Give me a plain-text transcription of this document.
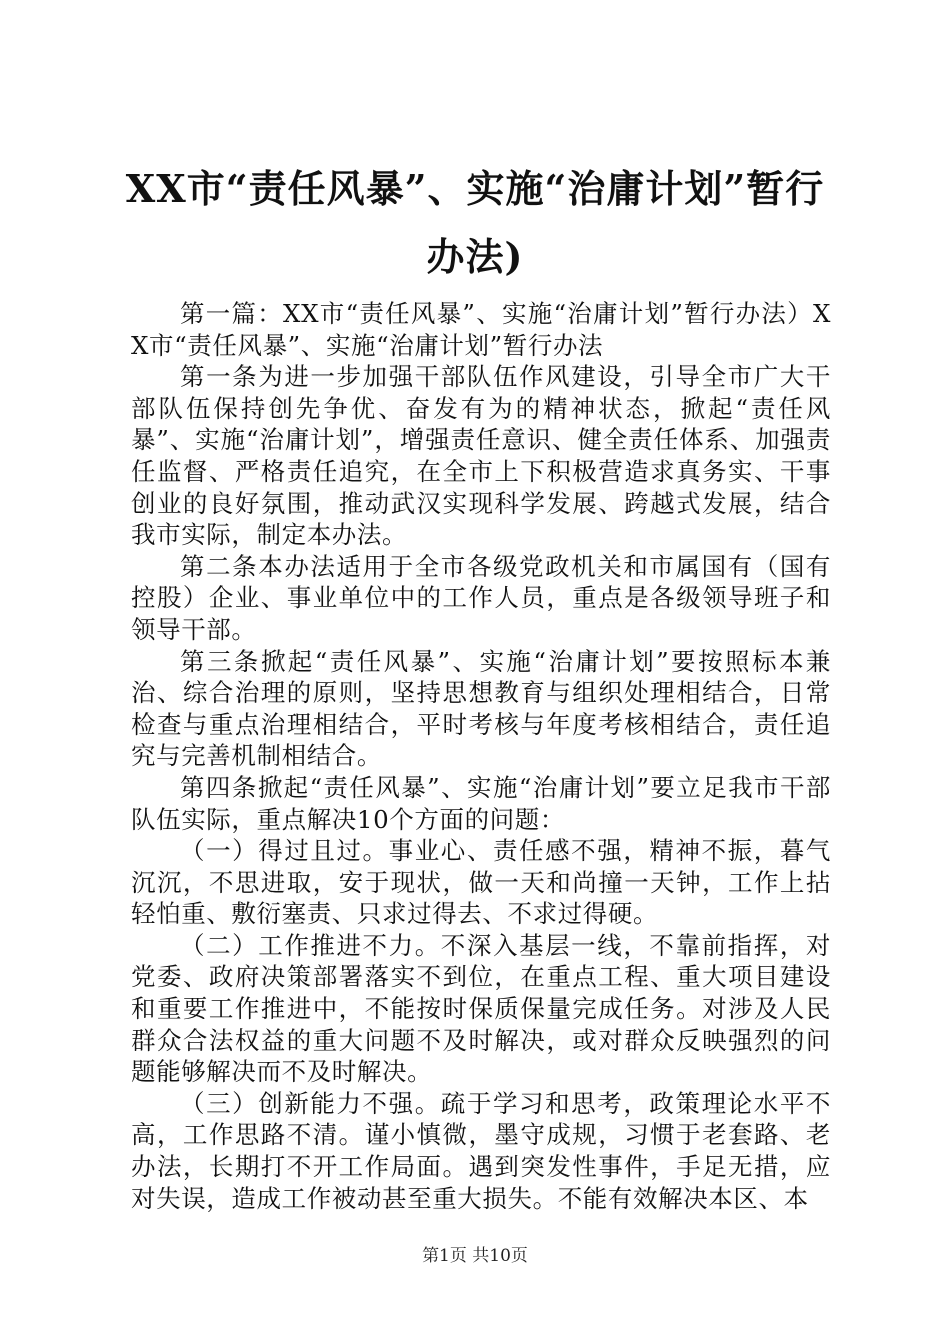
XX市“责任风暴”、实施“治庸计划”暂行办法)

第一篇：XX市“责任风暴”、实施“治庸计划”暂行办法）XX市“责任风暴”、实施“治庸计划”暂行办法

第一条为进一步加强干部队伍作风建设，引导全市广大干部队伍保持创先争优、奋发有为的精神状态，掀起“责任风暴”、实施“治庸计划”，增强责任意识、健全责任体系、加强责任监督、严格责任追究，在全市上下积极营造求真务实、干事创业的良好氛围，推动武汉实现科学发展、跨越式发展，结合我市实际，制定本办法。

第二条本办法适用于全市各级党政机关和市属国有（国有控股）企业、事业单位中的工作人员，重点是各级领导班子和领导干部。

第三条掀起“责任风暴”、实施“治庸计划”要按照标本兼治、综合治理的原则，坚持思想教育与组织处理相结合，日常检查与重点治理相结合，平时考核与年度考核相结合，责任追究与完善机制相结合。

第四条掀起“责任风暴”、实施“治庸计划”要立足我市干部队伍实际，重点解决10个方面的问题：

（一）得过且过。事业心、责任感不强，精神不振，暮气沉沉，不思进取，安于现状，做一天和尚撞一天钟，工作上拈轻怕重、敷衍塞责、只求过得去、不求过得硬。

（二）工作推进不力。不深入基层一线，不靠前指挥，对党委、政府决策部署落实不到位，在重点工程、重大项目建设和重要工作推进中，不能按时保质保量完成任务。对涉及人民群众合法权益的重大问题不及时解决，或对群众反映强烈的问题能够解决而不及时解决。

（三）创新能力不强。疏于学习和思考，政策理论水平不高，工作思路不清。谨小慎微，墨守成规，习惯于老套路、老办法，长期打不开工作局面。遇到突发性事件，手足无措，应对失误，造成工作被动甚至重大损失。不能有效解决本区、本

第1页 共10页
